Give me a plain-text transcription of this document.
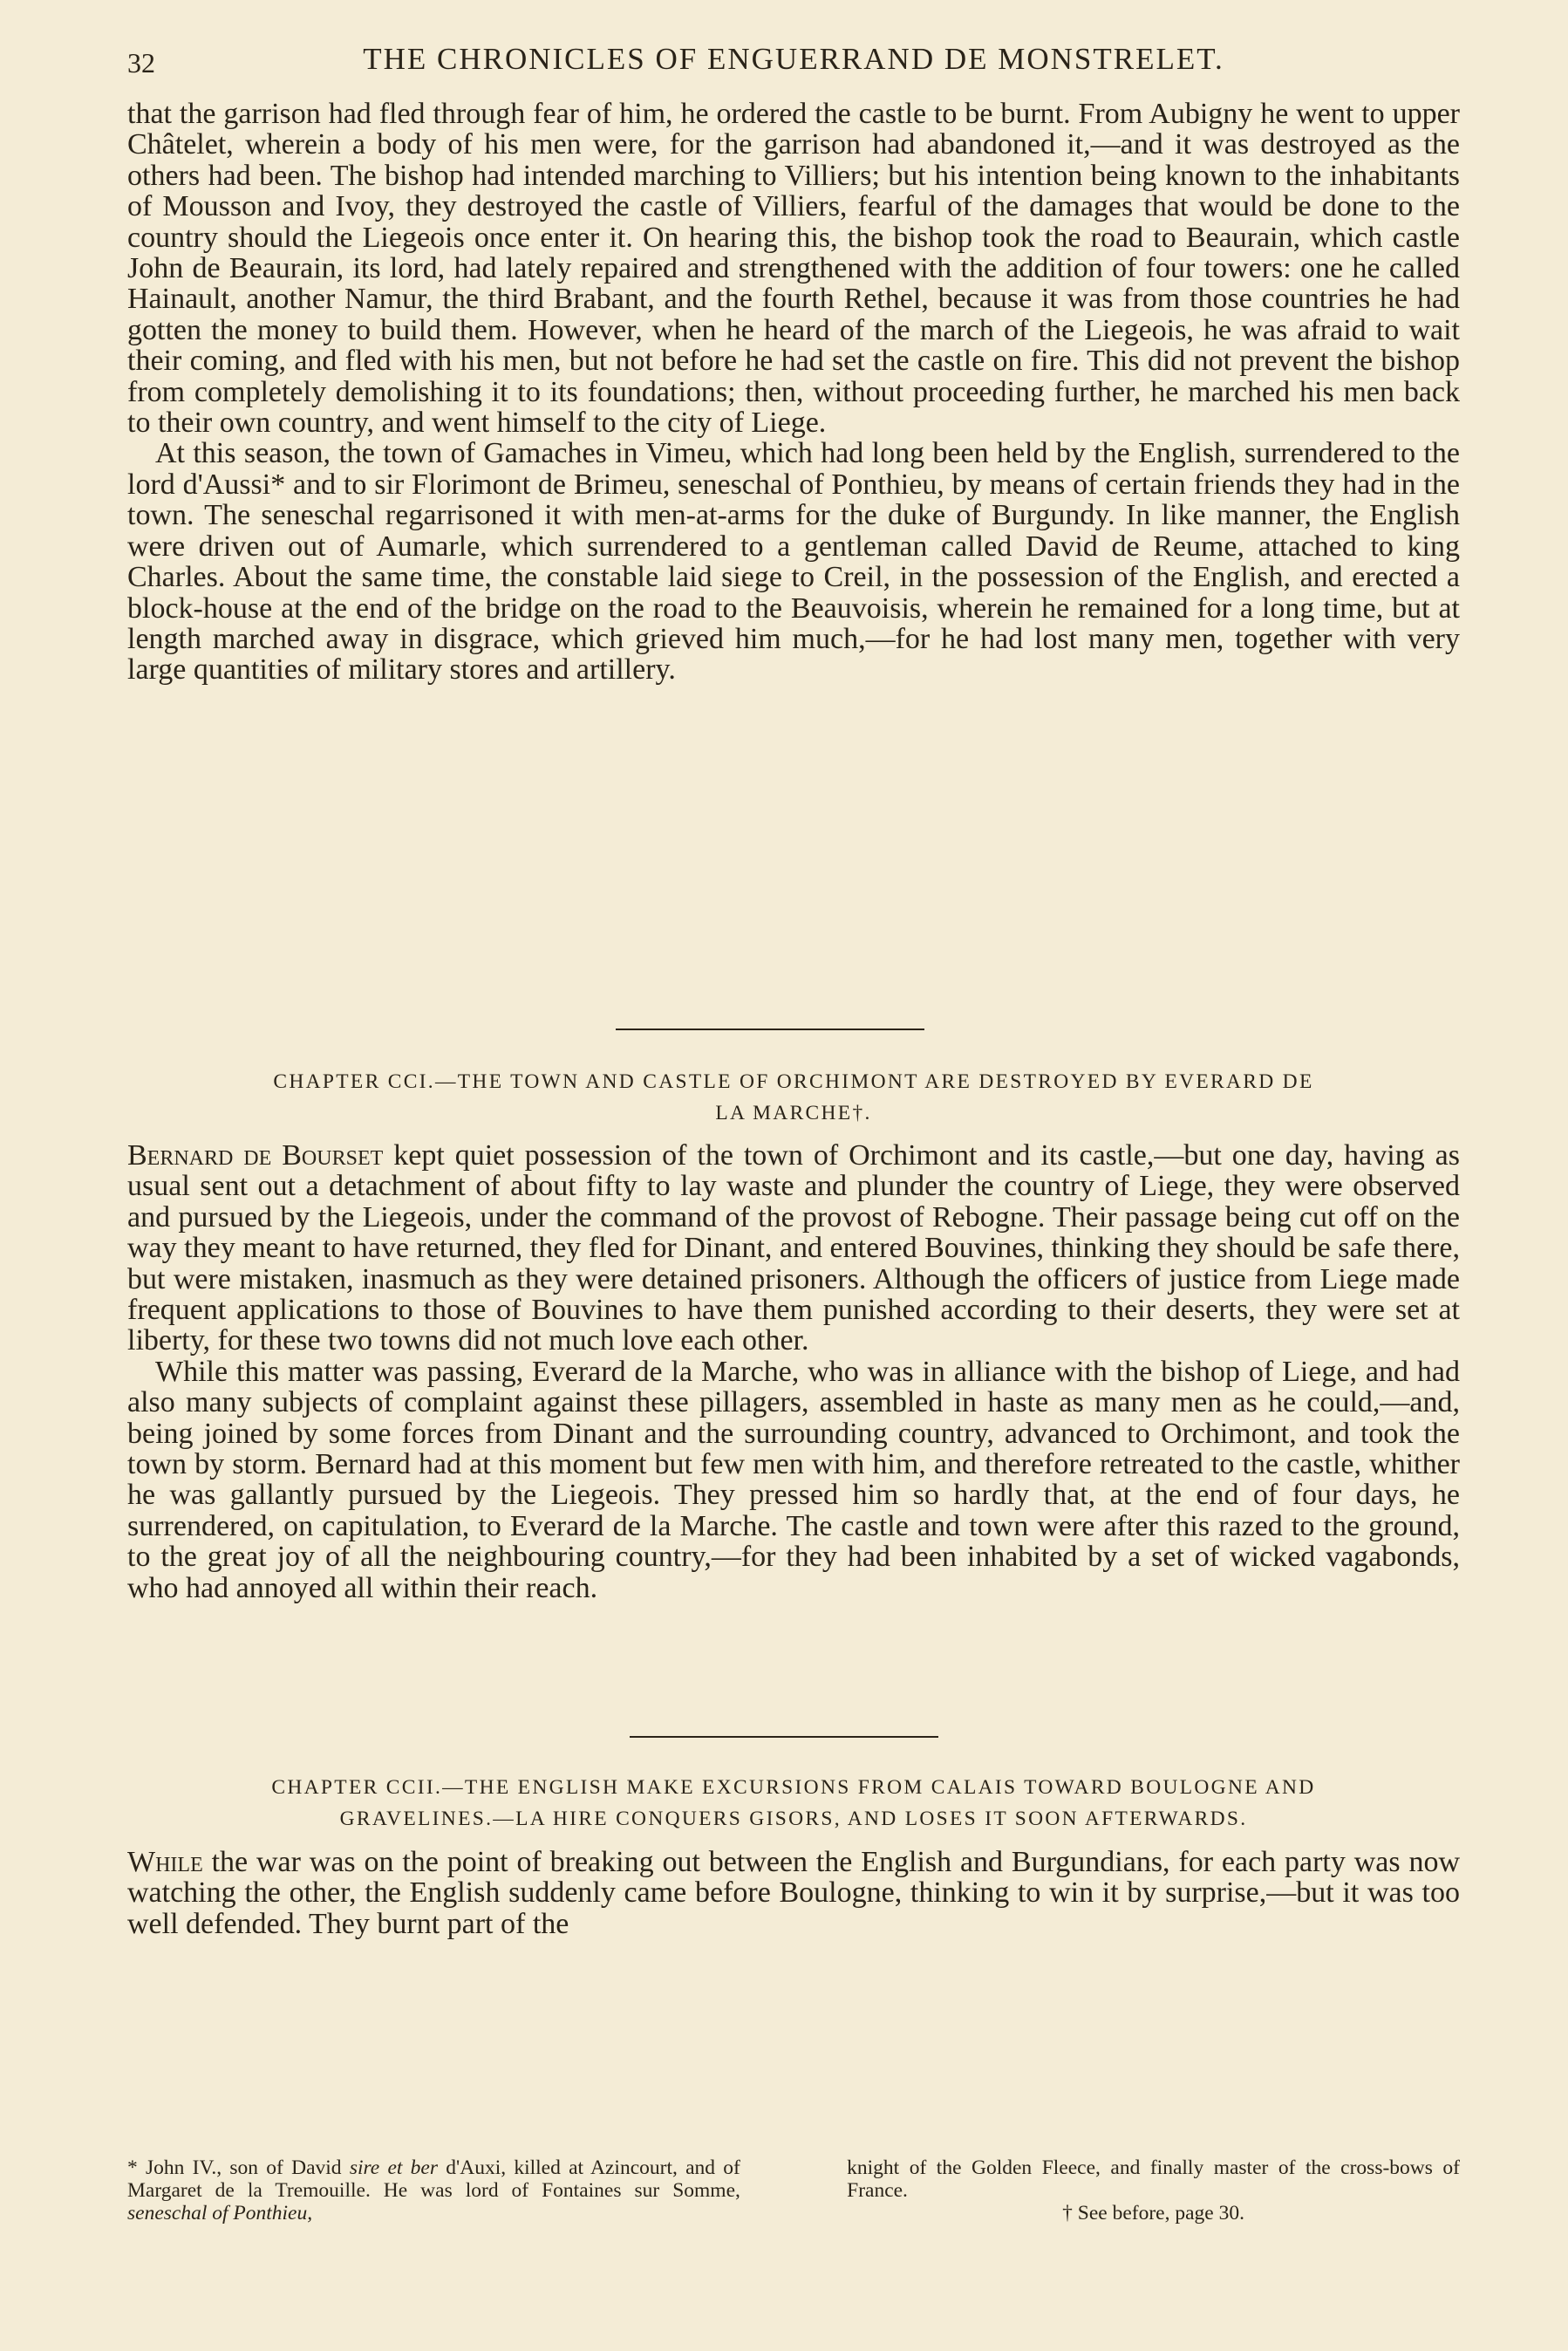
32	THE CHRONICLES OF ENGUERRAND DE MONSTRELET.

that the garrison had fled through fear of him, he ordered the castle to be burnt. From Aubigny he went to upper Châtelet, wherein a body of his men were, for the garrison had abandoned it,—and it was destroyed as the others had been. The bishop had intended marching to Villiers; but his intention being known to the inhabitants of Mousson and Ivoy, they destroyed the castle of Villiers, fearful of the damages that would be done to the country should the Liegeois once enter it. On hearing this, the bishop took the road to Beaurain, which castle John de Beaurain, its lord, had lately repaired and strengthened with the addition of four towers: one he called Hainault, another Namur, the third Brabant, and the fourth Rethel, because it was from those countries he had gotten the money to build them. However, when he heard of the march of the Liegeois, he was afraid to wait their coming, and fled with his men, but not before he had set the castle on fire. This did not prevent the bishop from completely demolishing it to its foundations; then, without proceeding further, he marched his men back to their own country, and went himself to the city of Liege.

At this season, the town of Gamaches in Vimeu, which had long been held by the English, surrendered to the lord d'Aussi* and to sir Florimont de Brimeu, seneschal of Ponthieu, by means of certain friends they had in the town. The seneschal regarrisoned it with men-at-arms for the duke of Burgundy. In like manner, the English were driven out of Aumarle, which surrendered to a gentleman called David de Reume, attached to king Charles. About the same time, the constable laid siege to Creil, in the possession of the English, and erected a block-house at the end of the bridge on the road to the Beauvoisis, wherein he remained for a long time, but at length marched away in disgrace, which grieved him much,—for he had lost many men, together with very large quantities of military stores and artillery.

CHAPTER CCI.—THE TOWN AND CASTLE OF ORCHIMONT ARE DESTROYED BY EVERARD DE
LA MARCHE†.

Bernard de Bourset kept quiet possession of the town of Orchimont and its castle,—but one day, having as usual sent out a detachment of about fifty to lay waste and plunder the country of Liege, they were observed and pursued by the Liegeois, under the command of the provost of Rebogne. Their passage being cut off on the way they meant to have returned, they fled for Dinant, and entered Bouvines, thinking they should be safe there, but were mistaken, inasmuch as they were detained prisoners. Although the officers of justice from Liege made frequent applications to those of Bouvines to have them punished according to their deserts, they were set at liberty, for these two towns did not much love each other.

While this matter was passing, Everard de la Marche, who was in alliance with the bishop of Liege, and had also many subjects of complaint against these pillagers, assembled in haste as many men as he could,—and, being joined by some forces from Dinant and the surrounding country, advanced to Orchimont, and took the town by storm. Bernard had at this moment but few men with him, and therefore retreated to the castle, whither he was gallantly pursued by the Liegeois. They pressed him so hardly that, at the end of four days, he surrendered, on capitulation, to Everard de la Marche. The castle and town were after this razed to the ground, to the great joy of all the neighbouring country,—for they had been inhabited by a set of wicked vagabonds, who had annoyed all within their reach.

CHAPTER CCII.—THE ENGLISH MAKE EXCURSIONS FROM CALAIS TOWARD BOULOGNE AND
GRAVELINES.—LA HIRE CONQUERS GISORS, AND LOSES IT SOON AFTERWARDS.

While the war was on the point of breaking out between the English and Burgundians, for each party was now watching the other, the English suddenly came before Boulogne, thinking to win it by surprise,—but it was too well defended. They burnt part of the

* John IV., son of David sire et ber d'Auxi, killed at Azincourt, and of Margaret de la Tremouille. He was lord of Fontaines sur Somme, seneschal of Ponthieu,

knight of the Golden Fleece, and finally master of the cross-bows of France.

† See before, page 30.
